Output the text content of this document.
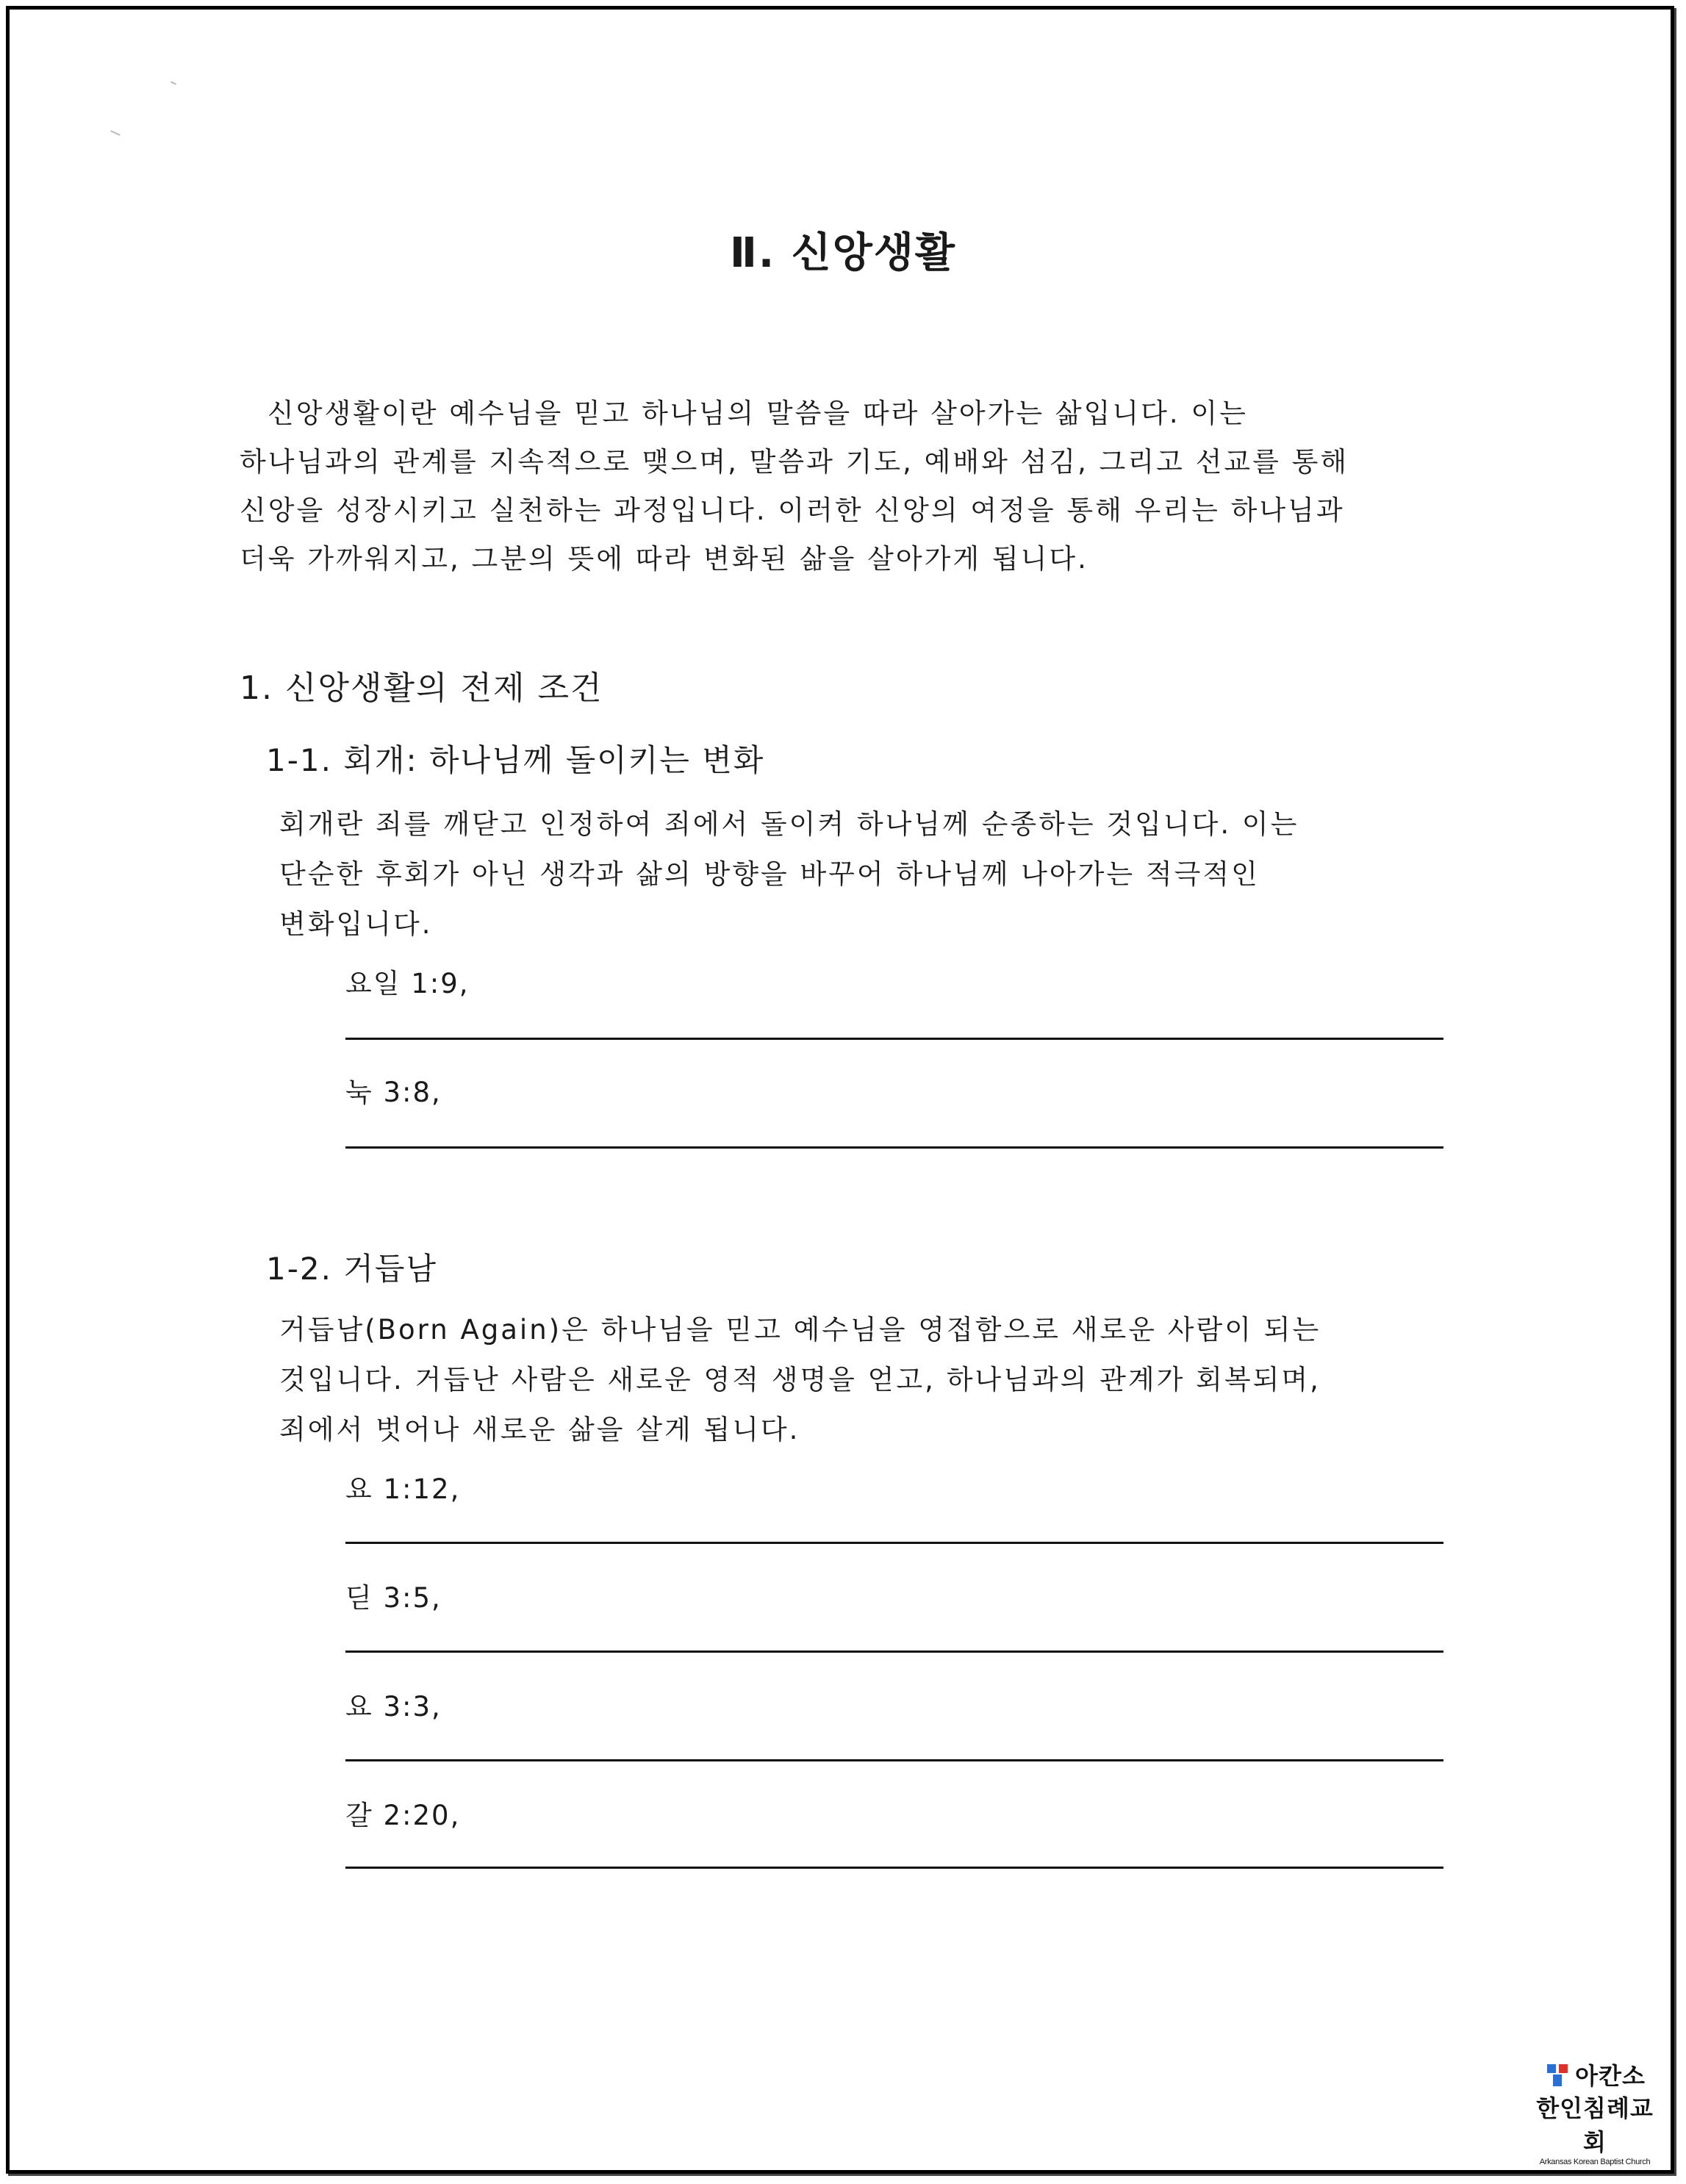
Ⅱ. 신앙생활
신앙생활이란 예수님을 믿고 하나님의 말씀을 따라 살아가는 삶입니다. 이는
하나님과의 관계를 지속적으로 맺으며, 말씀과 기도, 예배와 섬김, 그리고 선교를 통해
신앙을 성장시키고 실천하는 과정입니다. 이러한 신앙의 여정을 통해 우리는 하나님과
더욱 가까워지고, 그분의 뜻에 따라 변화된 삶을 살아가게 됩니다.
1. 신앙생활의 전제 조건
1-1. 회개: 하나님께 돌이키는 변화
회개란 죄를 깨닫고 인정하여 죄에서 돌이켜 하나님께 순종하는 것입니다. 이는
단순한 후회가 아닌 생각과 삶의 방향을 바꾸어 하나님께 나아가는 적극적인
변화입니다.
요일 1:9,
눅 3:8,
1-2. 거듭남
거듭남(Born Again)은 하나님을 믿고 예수님을 영접함으로 새로운 사람이 되는
것입니다. 거듭난 사람은 새로운 영적 생명을 얻고, 하나님과의 관계가 회복되며,
죄에서 벗어나 새로운 삶을 살게 됩니다.
요 1:12,
딛 3:5,
요 3:3,
갈 2:20,
아칸소
한인침례교회
Arkansas Korean Baptist Church
